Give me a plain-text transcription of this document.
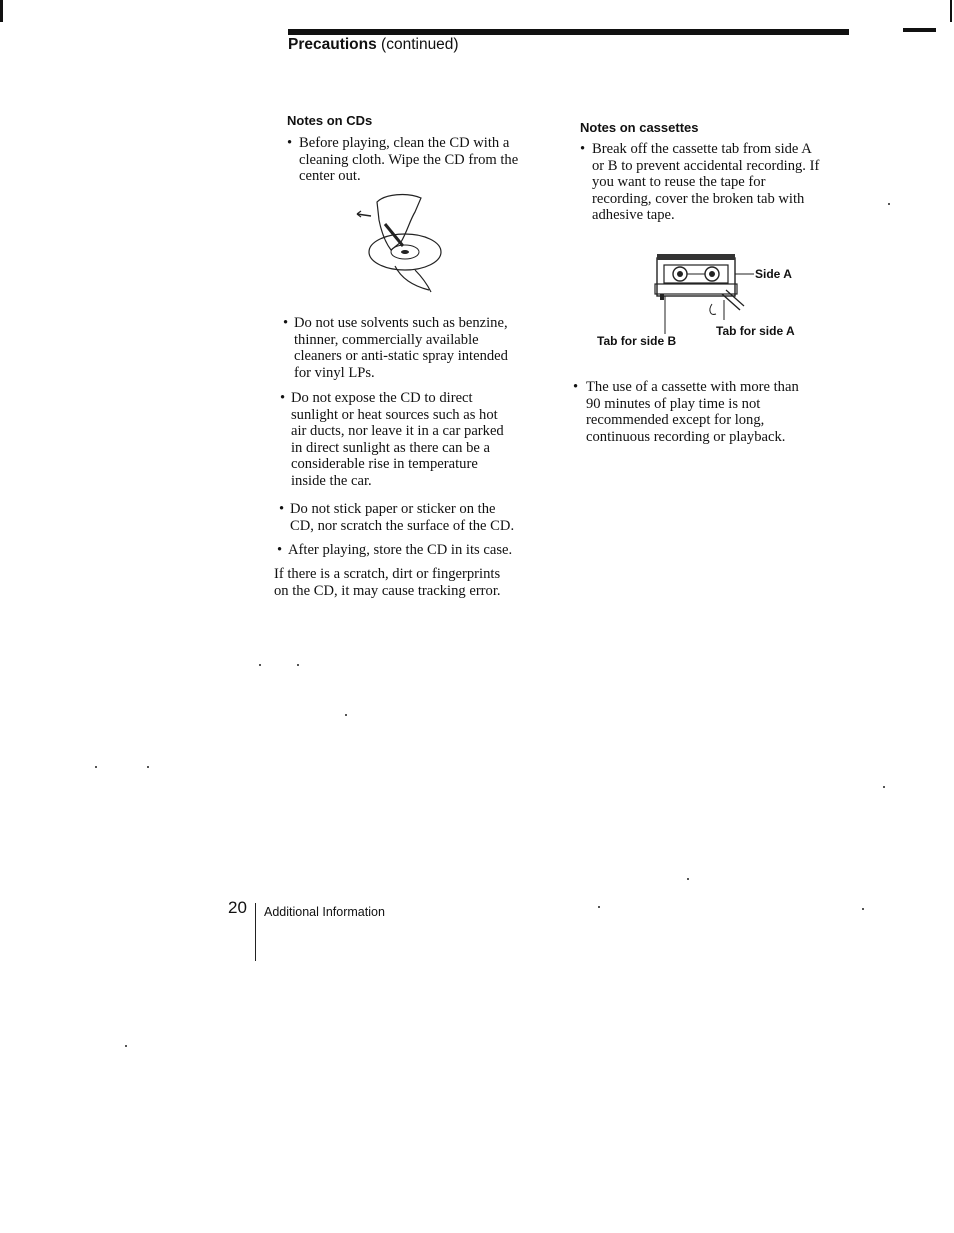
Precautions (continued)
Notes on CDs
• Before playing, clean the CD with a
cleaning cloth. Wipe the CD from the
center out.
• Do not use solvents such as benzine,
thinner, commercially available
cleaners or anti-static spray intended
for vinyl LPs.
• Do not expose the CD to direct
sunlight or heat sources such as hot
air ducts, nor leave it in a car parked
in direct sunlight as there can be a
considerable rise in temperature
inside the car.
• Do not stick paper or sticker on the
CD, nor scratch the surface of the CD.
• After playing, store the CD in its case.
If there is a scratch, dirt or fingerprints
on the CD, it may cause tracking error.
Notes on cassettes
• Break off the cassette tab from side A
or B to prevent accidental recording. If
you want to reuse the tape for
recording, cover the broken tab with
adhesive tape.
Side A
Tab for side A
Tab for side B
• The use of a cassette with more than
90 minutes of play time is not
recommended except for long,
continuous recording or playback.
20 Additional Information
